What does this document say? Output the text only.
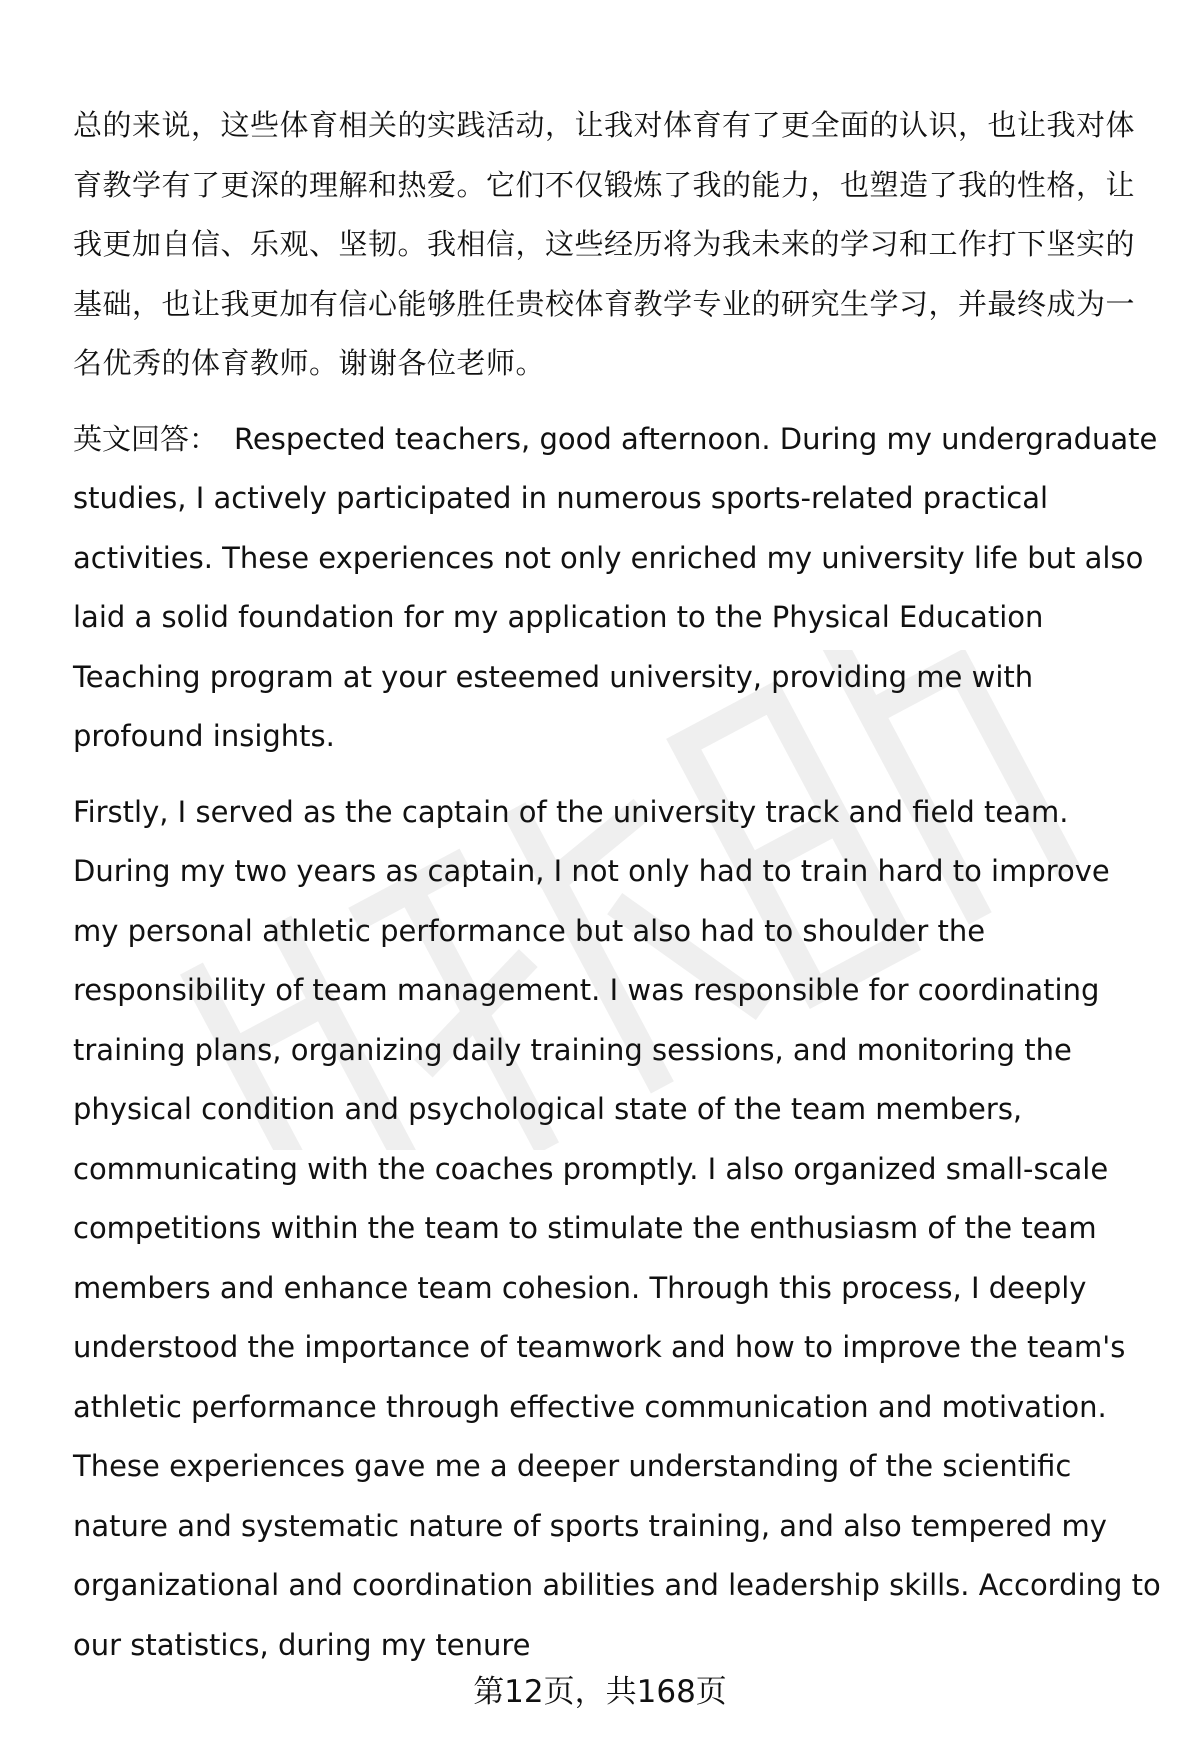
总的来说，这些体育相关的实践活动，让我对体育有了更全面的认识，也让我对体育教学有了更深的理解和热爱。它们不仅锻炼了我的能力，也塑造了我的性格，让我更加自信、乐观、坚韧。我相信，这些经历将为我未来的学习和工作打下坚实的基础，也让我更加有信心能够胜任贵校体育教学专业的研究生学习，并最终成为一名优秀的体育教师。谢谢各位老师。

英文回答： Respected teachers, good afternoon. During my undergraduate studies, I actively participated in numerous sports-related practical activities. These experiences not only enriched my university life but also laid a solid foundation for my application to the Physical Education Teaching program at your esteemed university, providing me with profound insights.

Firstly, I served as the captain of the university track and field team. During my two years as captain, I not only had to train hard to improve my personal athletic performance but also had to shoulder the responsibility of team management. I was responsible for coordinating training plans, organizing daily training sessions, and monitoring the physical condition and psychological state of the team members, communicating with the coaches promptly. I also organized small-scale competitions within the team to stimulate the enthusiasm of the team members and enhance team cohesion. Through this process, I deeply understood the importance of teamwork and how to improve the team's athletic performance through effective communication and motivation. These experiences gave me a deeper understanding of the scientific nature and systematic nature of sports training, and also tempered my organizational and coordination abilities and leadership skills. According to our statistics, during my tenure

第12页，共168页
